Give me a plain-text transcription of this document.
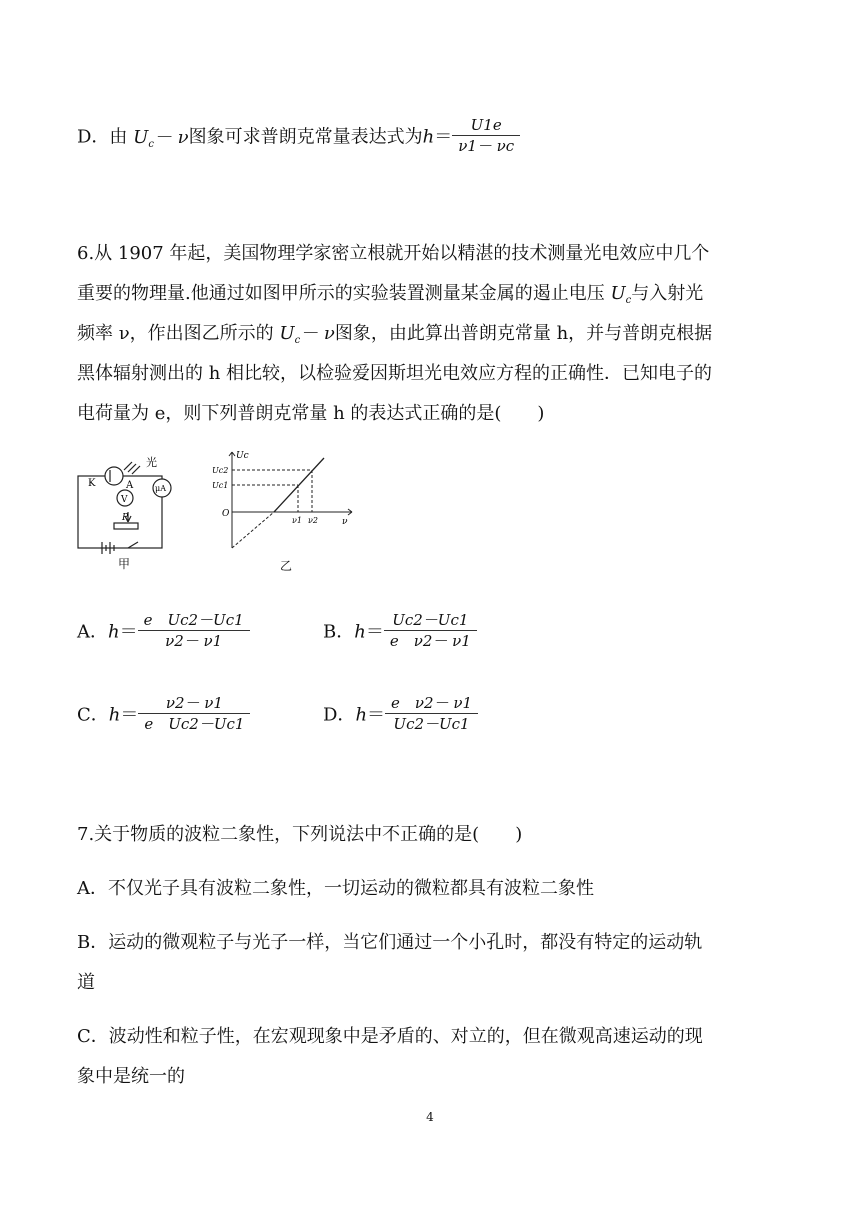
D．由 $U_c- \nu$图象可求普朗克常量表达式为$h= \frac{U1e}{\nu 1- \nu c}$
6.从 1907 年起，美国物理学家密立根就开始以精湛的技术测量光电效应中几个
重要的物理量.他通过如图甲所示的实验装置测量某金属的遏止电压 $U_c$与入射光
频率 ν，作出图乙所示的 $U_c- \nu$图象，由此算出普朗克常量 h，并与普朗克根据
黑体辐射测出的 h 相比较，以检验爱因斯坦光电效应方程的正确性．已知电子的
电荷量为 e，则下列普朗克常量 h 的表达式正确的是(　　)
光
K	A
V
μA
P
甲
Uc
Uc2
Uc1
O
ν1 ν2	ν
乙
A．$h= \frac{\text{e　Uc2－Uc1}}{\nu 2- \nu 1}$	B．$h= \frac{Uc2-Uc1}{\text{e　ν2－ ν1}}$
C．$h= \frac{\nu 2- \nu 1}{\text{e　Uc2－Uc1}}$	D．$h= \frac{\text{e　ν2－ ν1}}{Uc2-Uc1}$
7.关于物质的波粒二象性，下列说法中不正确的是(　　)
A．不仅光子具有波粒二象性，一切运动的微粒都具有波粒二象性
B．运动的微观粒子与光子一样，当它们通过一个小孔时，都没有特定的运动轨
道
C．波动性和粒子性，在宏观现象中是矛盾的、对立的，但在微观高速运动的现
象中是统一的
4
